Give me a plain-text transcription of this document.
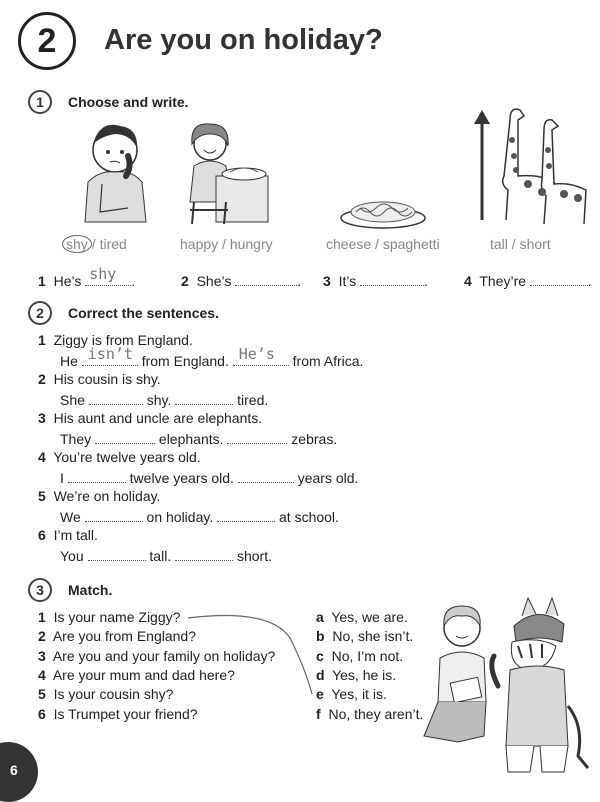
2 Are you on holiday?
1 Choose and write.
shy / tired	happy / hungry	cheese / spaghetti	tall / short
1 He’s shy .	2 She’s	. 3 It’s	.	4 They’re	.
2 Correct the sentences.
1 Ziggy is from England.
He isn’t from England. He’s from Africa.
2 His cousin is shy.
She	shy.	tired.
3 His aunt and uncle are elephants.
They	elephants.	zebras.
4 You’re twelve years old.
I	twelve years old.	years old.
5 We’re on holiday.
We	on holiday.	at school.
6 I’m tall.
You	tall.	short.
3 Match.
1 Is your name Ziggy?
2 Are you from England?
3 Are you and your family on holiday?
4 Are your mum and dad here?
5 Is your cousin shy?
6 Is Trumpet your friend?
a Yes, we are.
b No, she isn’t.
c No, I’m not.
d Yes, he is.
e Yes, it is.
f No, they aren’t.
6
